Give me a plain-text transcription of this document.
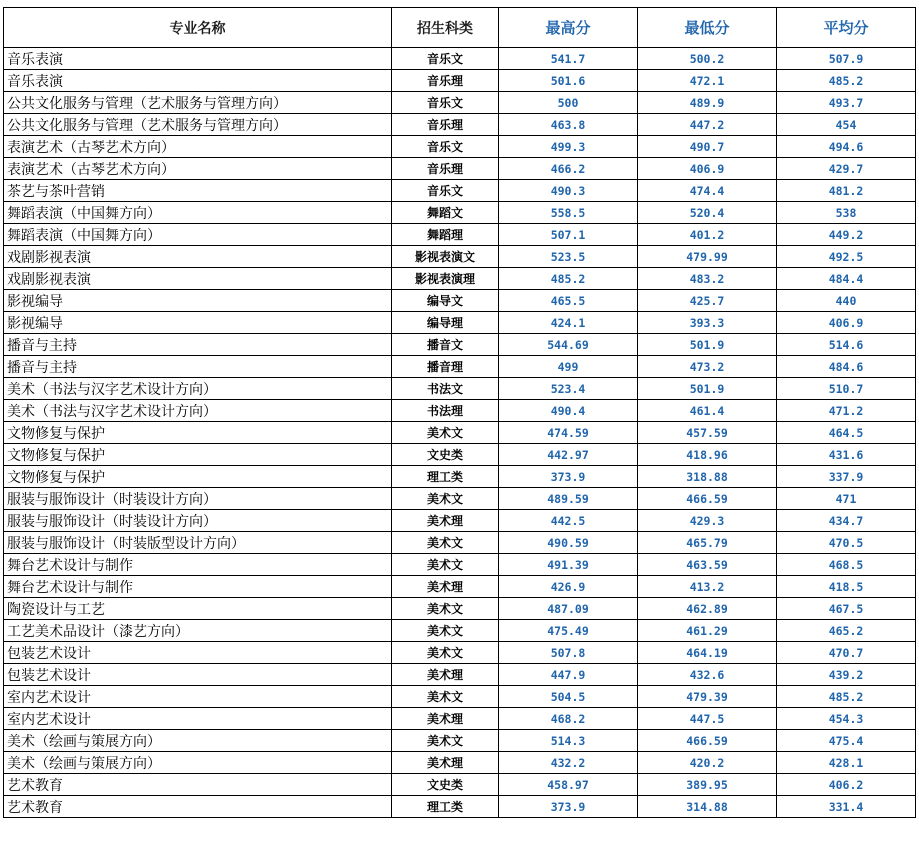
专业名称	招生科类	最高分	最低分	平均分
音乐表演	音乐文	541.7	500.2	507.9
音乐表演	音乐理	501.6	472.1	485.2
公共文化服务与管理（艺术服务与管理方向）	音乐文	500	489.9	493.7
公共文化服务与管理（艺术服务与管理方向）	音乐理	463.8	447.2	454
表演艺术（古琴艺术方向）	音乐文	499.3	490.7	494.6
表演艺术（古琴艺术方向）	音乐理	466.2	406.9	429.7
茶艺与茶叶营销	音乐文	490.3	474.4	481.2
舞蹈表演（中国舞方向）	舞蹈文	558.5	520.4	538
舞蹈表演（中国舞方向）	舞蹈理	507.1	401.2	449.2
戏剧影视表演	影视表演文	523.5	479.99	492.5
戏剧影视表演	影视表演理	485.2	483.2	484.4
影视编导	编导文	465.5	425.7	440
影视编导	编导理	424.1	393.3	406.9
播音与主持	播音文	544.69	501.9	514.6
播音与主持	播音理	499	473.2	484.6
美术（书法与汉字艺术设计方向）	书法文	523.4	501.9	510.7
美术（书法与汉字艺术设计方向）	书法理	490.4	461.4	471.2
文物修复与保护	美术文	474.59	457.59	464.5
文物修复与保护	文史类	442.97	418.96	431.6
文物修复与保护	理工类	373.9	318.88	337.9
服装与服饰设计（时装设计方向）	美术文	489.59	466.59	471
服装与服饰设计（时装设计方向）	美术理	442.5	429.3	434.7
服装与服饰设计（时装版型设计方向）	美术文	490.59	465.79	470.5
舞台艺术设计与制作	美术文	491.39	463.59	468.5
舞台艺术设计与制作	美术理	426.9	413.2	418.5
陶瓷设计与工艺	美术文	487.09	462.89	467.5
工艺美术品设计（漆艺方向）	美术文	475.49	461.29	465.2
包装艺术设计	美术文	507.8	464.19	470.7
包装艺术设计	美术理	447.9	432.6	439.2
室内艺术设计	美术文	504.5	479.39	485.2
室内艺术设计	美术理	468.2	447.5	454.3
美术（绘画与策展方向）	美术文	514.3	466.59	475.4
美术（绘画与策展方向）	美术理	432.2	420.2	428.1
艺术教育	文史类	458.97	389.95	406.2
艺术教育	理工类	373.9	314.88	331.4
